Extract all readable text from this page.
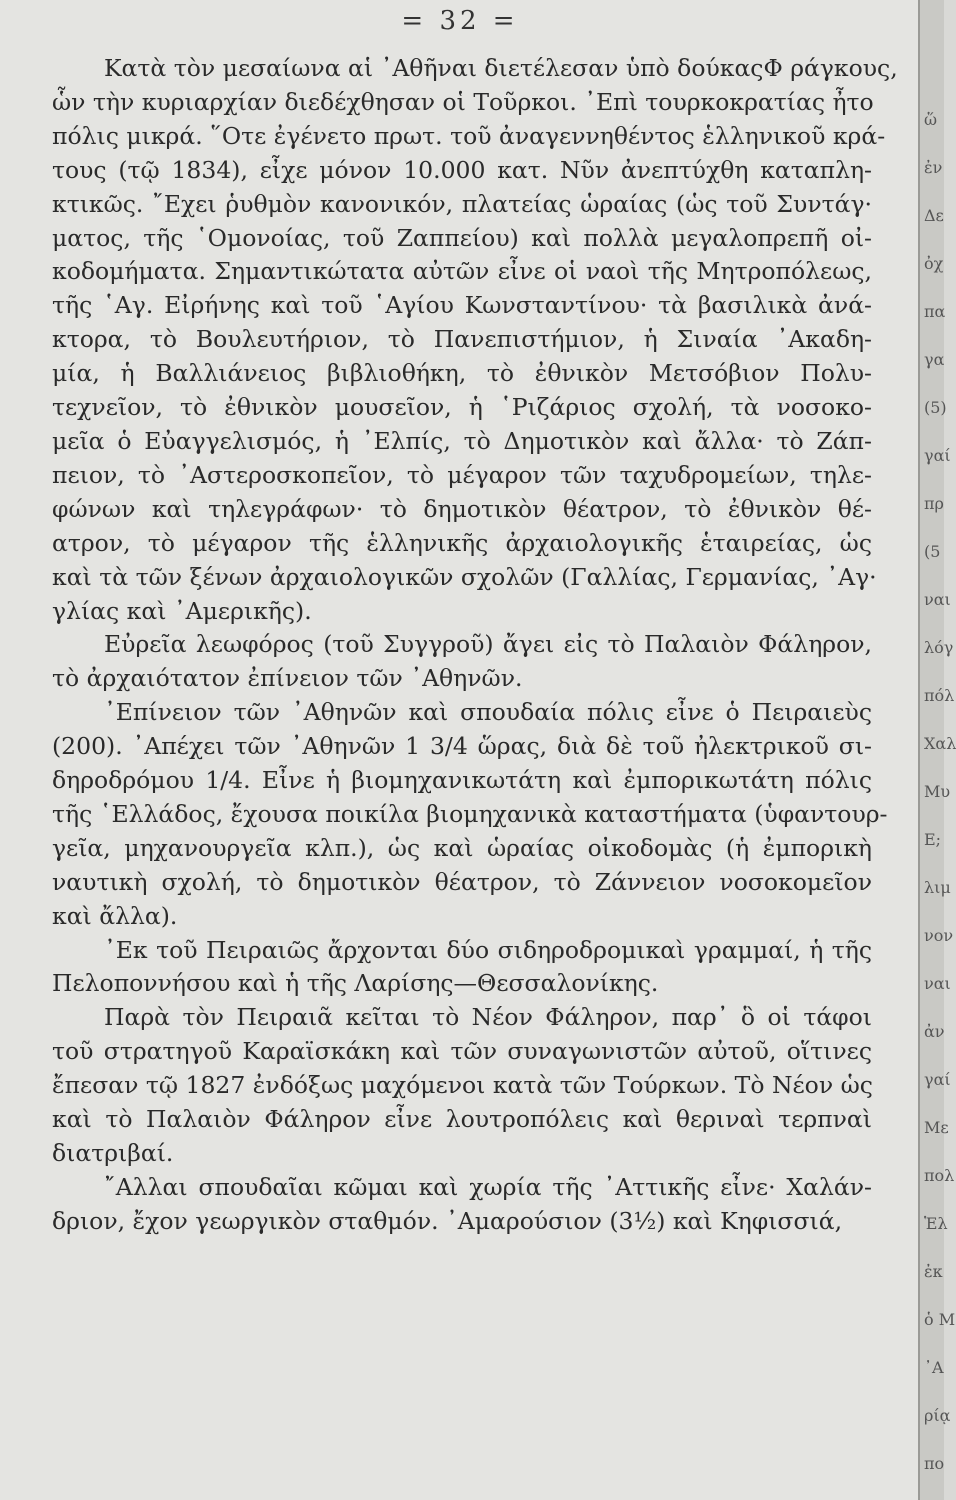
= 32 =
Κατὰ τὸν μεσαίωνα αἱ ᾿Αθῆναι διετέλεσαν ὑπὸ δούκαςΦ ράγκους,
ὧν τὴν κυριαρχίαν διεδέχθησαν οἱ Τοῦρκοι. ᾿Επὶ τουρκοκρατίας ἦτο
πόλις μικρά. ῞Οτε ἐγένετο πρωτ. τοῦ ἀναγεννηθέντος ἑλληνικοῦ κρά-
τους (τῷ 1834), εἶχε μόνον 10.000 κατ. Νῦν ἀνεπτύχθη καταπλη-
κτικῶς. ῎Εχει ῥυθμὸν κανονικόν, πλατείας ὡραίας (ὡς τοῦ Συντάγ·
ματος, τῆς ῾Ομονοίας, τοῦ Ζαππείου) καὶ πολλὰ μεγαλοπρεπῆ οἰ-
κοδομήματα. Σημαντικώτατα αὐτῶν εἶνε οἱ ναοὶ τῆς Μητροπόλεως,
τῆς ῾Αγ. Εἰρήνης καὶ τοῦ ῾Αγίου Κωνσταντίνου· τὰ βασιλικὰ ἀνά-
κτορα, τὸ Βουλευτήριον, τὸ Πανεπιστήμιον, ἡ Σιναία ᾿Ακαδη-
μία, ἡ Βαλλιάνειος βιβλιοθήκη, τὸ ἐθνικὸν Μετσόβιον Πολυ-
τεχνεῖον, τὸ ἐθνικὸν μουσεῖον, ἡ ῾Ριζάριος σχολή, τὰ νοσοκο-
μεῖα ὁ Εὐαγγελισμός, ἡ ᾿Ελπίς, τὸ Δημοτικὸν καὶ ἄλλα· τὸ Ζάπ-
πειον, τὸ ᾿Αστεροσκοπεῖον, τὸ μέγαρον τῶν ταχυδρομείων, τηλε-
φώνων καὶ τηλεγράφων· τὸ δημοτικὸν θέατρον, τὸ ἐθνικὸν θέ-
ατρον, τὸ μέγαρον τῆς ἑλληνικῆς ἀρχαιολογικῆς ἑταιρείας, ὡς
καὶ τὰ τῶν ξένων ἀρχαιολογικῶν σχολῶν (Γαλλίας, Γερμανίας, ᾿Αγ·
γλίας καὶ ᾿Αμερικῆς).
Εὐρεῖα λεωφόρος (τοῦ Συγγροῦ) ἄγει εἰς τὸ Παλαιὸν Φάληρον,
τὸ ἀρχαιότατον ἐπίνειον τῶν ᾿Αθηνῶν.
᾿Επίνειον τῶν ᾿Αθηνῶν καὶ σπουδαία πόλις εἶνε ὁ Πειραιεὺς
(200). ᾿Απέχει τῶν ᾿Αθηνῶν 1 3/4 ὥρας, διὰ δὲ τοῦ ἠλεκτρικοῦ σι-
δηροδρόμου 1/4. Εἶνε ἡ βιομηχανικωτάτη καὶ ἐμπορικωτάτη πόλις
τῆς ῾Ελλάδος, ἔχουσα ποικίλα βιομηχανικὰ καταστήματα (ὑφαντουρ-
γεῖα, μηχανουργεῖα κλπ.), ὡς καὶ ὡραίας οἰκοδομὰς (ἡ ἐμπορικὴ
ναυτικὴ σχολή, τὸ δημοτικὸν θέατρον, τὸ Ζάννειον νοσοκομεῖον
καὶ ἄλλα).
᾿Εκ τοῦ Πειραιῶς ἄρχονται δύο σιδηροδρομικαὶ γραμμαί, ἡ τῆς
Πελοποννήσου καὶ ἡ τῆς Λαρίσης—Θεσσαλονίκης.
Παρὰ τὸν Πειραιᾶ κεῖται τὸ Νέον Φάληρον, παρ᾿ ὃ οἱ τάφοι
τοῦ στρατηγοῦ Καραϊσκάκη καὶ τῶν συναγωνιστῶν αὐτοῦ, οἵτινες
ἔπεσαν τῷ 1827 ἐνδόξως μαχόμενοι κατὰ τῶν Τούρκων. Τὸ Νέον ὡς
καὶ τὸ Παλαιὸν Φάληρον εἶνε λουτροπόλεις καὶ θεριναὶ τερπναὶ
διατριβαί.
῎Αλλαι σπουδαῖαι κῶμαι καὶ χωρία τῆς ᾿Αττικῆς εἶνε· Χαλάν-
δριον, ἔχον γεωργικὸν σταθμόν. ᾿Αμαρούσιον (3½) καὶ Κηφισσιά,
ὥ
ἐν
Δε
ὀχ
πα
γα
(5)
γαί
πρ
(5
ναι
λόγ
πόλ
Χαλ
Μυ
Ε;
λιμ
νον
ναι
ἀν
γαί
Με
πολ
Ἑλ
ἐκ
ὁ Μ
᾿Α
ρίᾳ
πο
